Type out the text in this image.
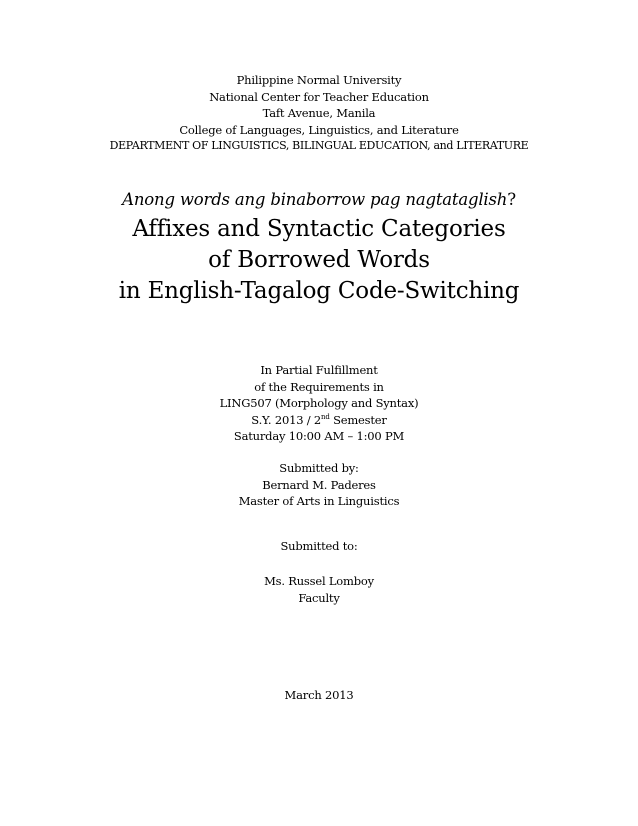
Philippine Normal University
National Center for Teacher Education
Taft Avenue, Manila
College of Languages, Linguistics, and Literature
DEPARTMENT OF LINGUISTICS, BILINGUAL EDUCATION, and LITERATURE
Anong words ang binaborrow pag nagtataglish?
Affixes and Syntactic Categories
of Borrowed Words
in English-Tagalog Code-Switching
In Partial Fulfillment
of the Requirements in
LING507 (Morphology and Syntax)
S.Y. 2013 / 2nd Semester
Saturday 10:00 AM – 1:00 PM
Submitted by:
Bernard M. Paderes
Master of Arts in Linguistics
Submitted to:
Ms. Russel Lomboy
Faculty
March 2013
